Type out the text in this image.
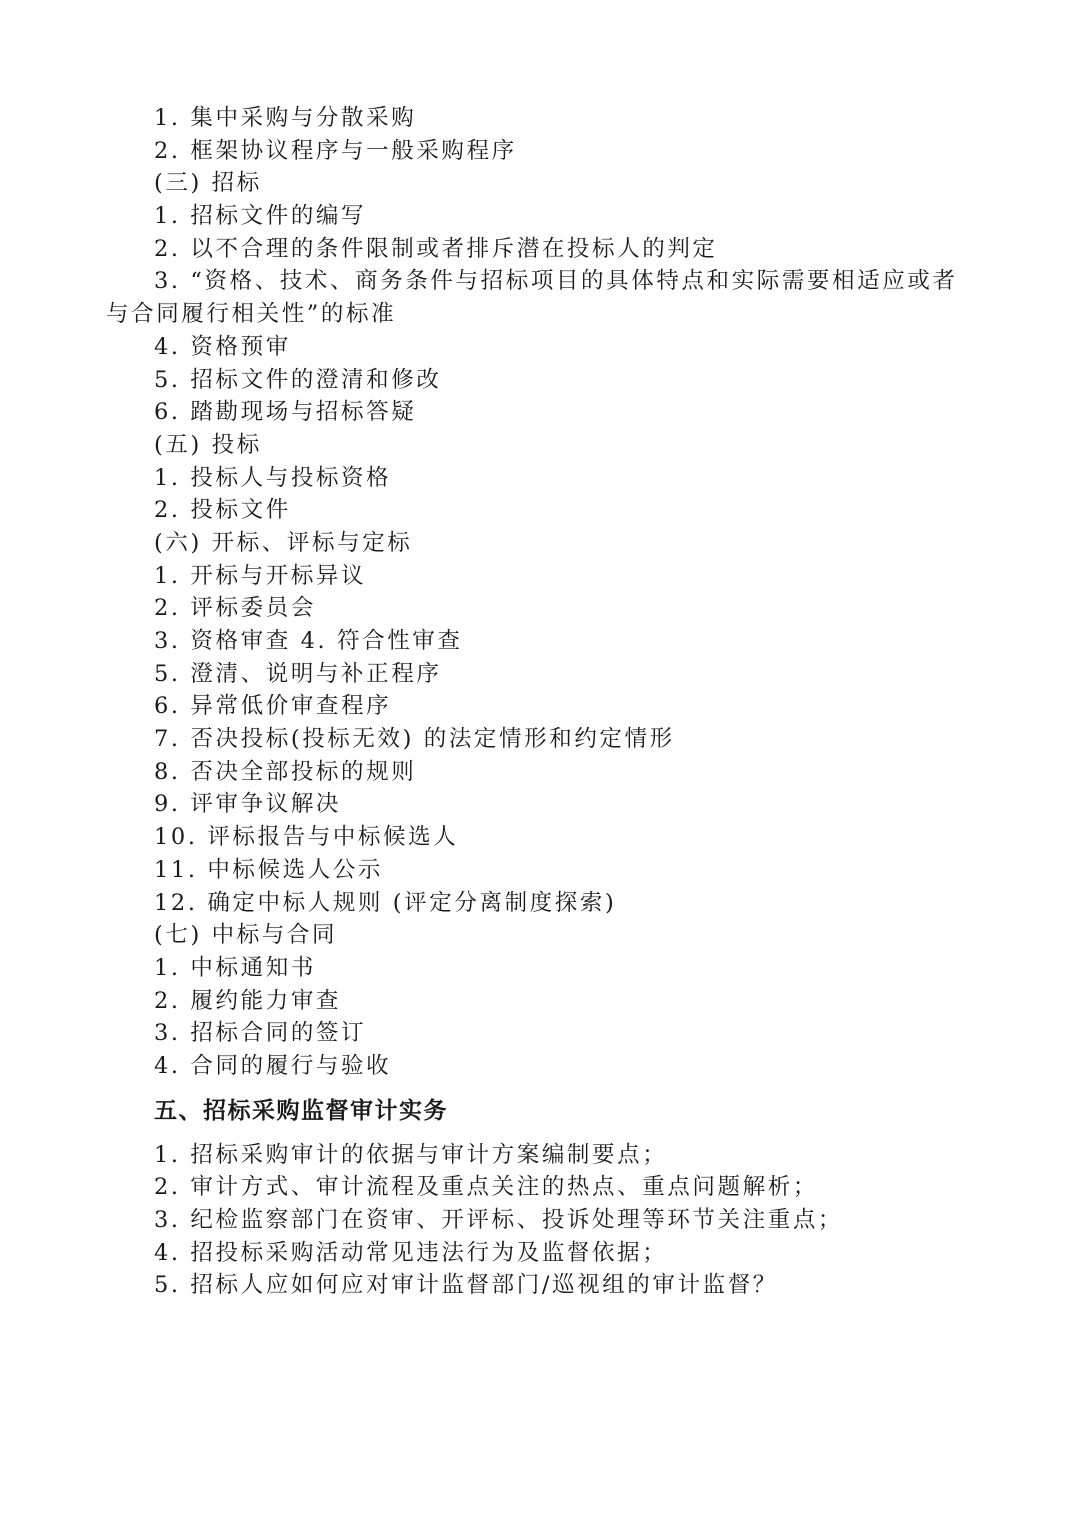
1. 集中采购与分散采购
2. 框架协议程序与一般采购程序
(三) 招标
1. 招标文件的编写
2. 以不合理的条件限制或者排斥潜在投标人的判定
3. “资格、技术、商务条件与招标项目的具体特点和实际需要相适应或者
与合同履行相关性”的标准
4. 资格预审
5. 招标文件的澄清和修改
6. 踏勘现场与招标答疑
(五) 投标
1. 投标人与投标资格
2. 投标文件
(六) 开标、评标与定标
1. 开标与开标异议
2. 评标委员会
3. 资格审查 4. 符合性审查
5. 澄清、说明与补正程序
6. 异常低价审查程序
7. 否决投标(投标无效) 的法定情形和约定情形
8. 否决全部投标的规则
9. 评审争议解决
10. 评标报告与中标候选人
11. 中标候选人公示
12. 确定中标人规则 (评定分离制度探索)
(七) 中标与合同
1. 中标通知书
2. 履约能力审查
3. 招标合同的签订
4. 合同的履行与验收
五、招标采购监督审计实务
1. 招标采购审计的依据与审计方案编制要点；
2. 审计方式、审计流程及重点关注的热点、重点问题解析；
3. 纪检监察部门在资审、开评标、投诉处理等环节关注重点；
4. 招投标采购活动常见违法行为及监督依据；
5. 招标人应如何应对审计监督部门/巡视组的审计监督？
